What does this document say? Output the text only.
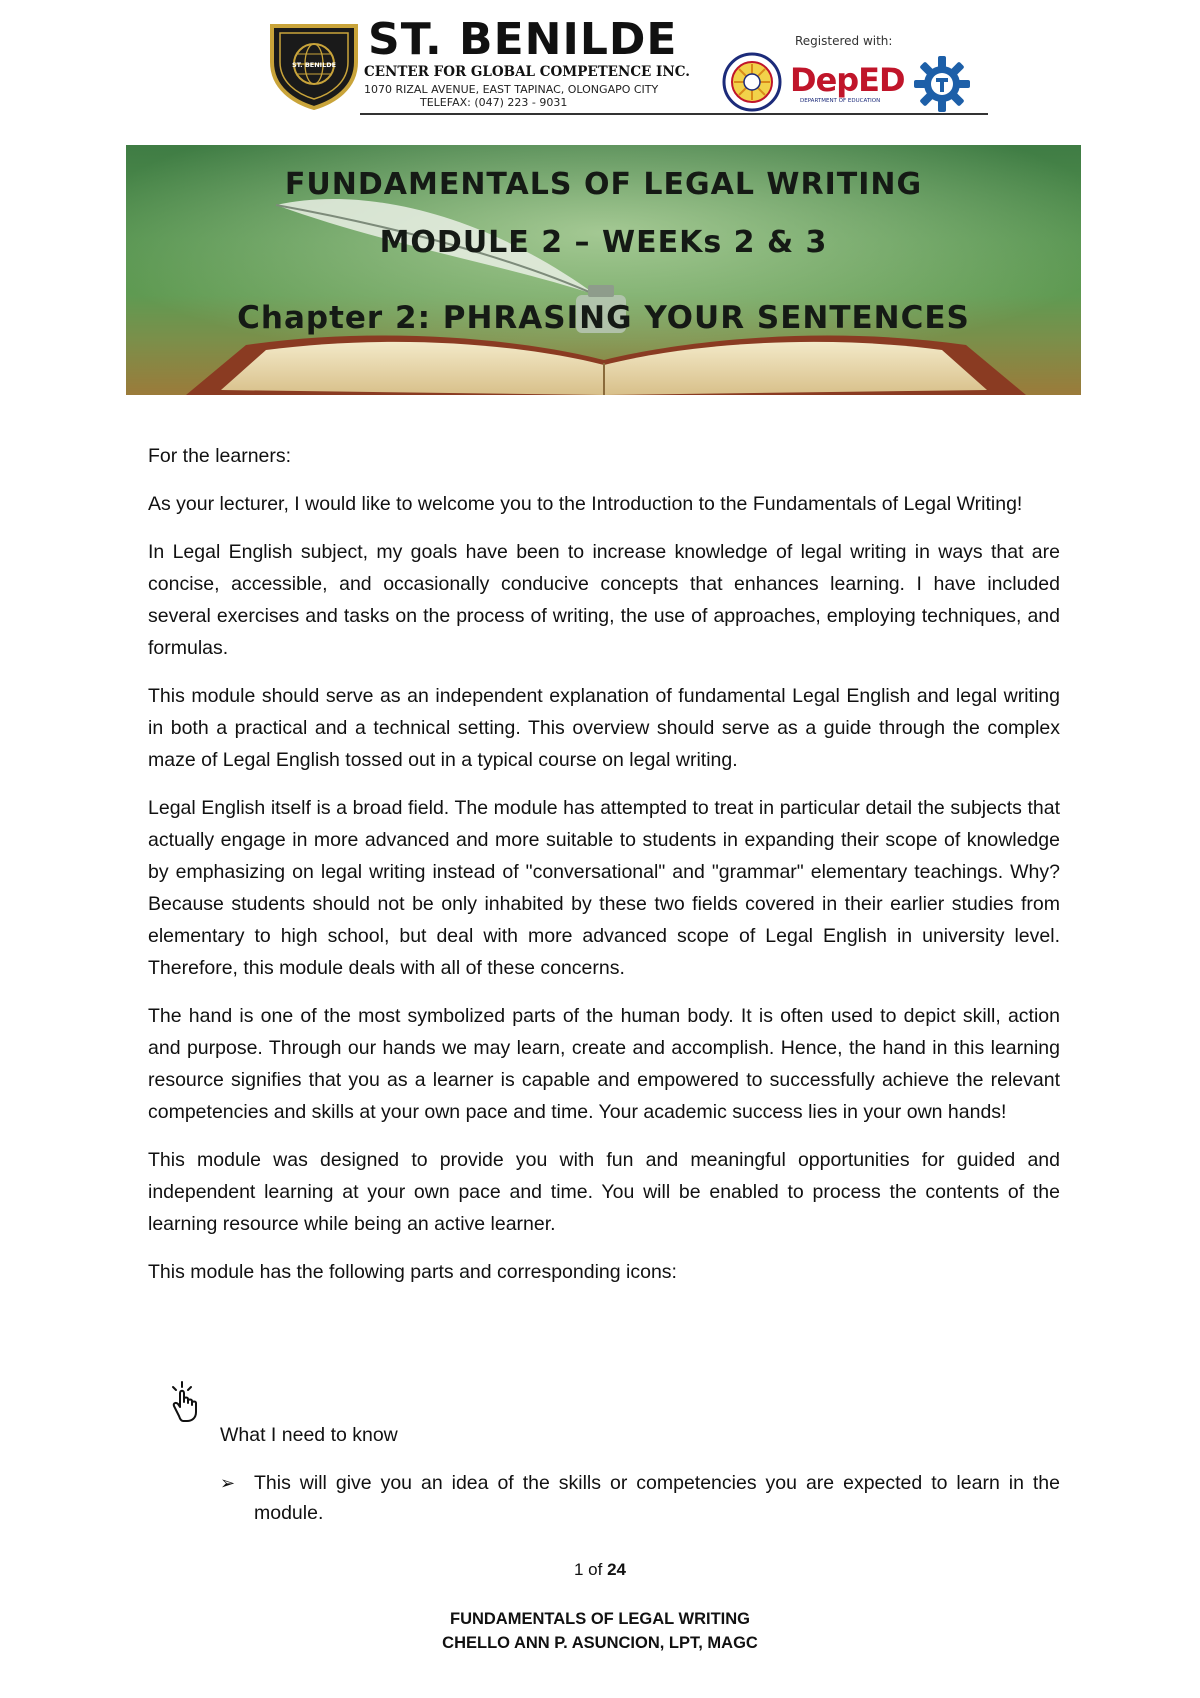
ST. BENILDE ST. BENILDE
CENTER FOR GLOBAL COMPETENCE INC.
1070 RIZAL AVENUE, EAST TAPINAC, OLONGAPO CITY
TELEFAX: (047) 223 - 9031
Registered with:
DepED
DEPARTMENT OF EDUCATION
FUNDAMENTALS OF LEGAL WRITING
MODULE 2 – WEEKs 2 & 3
Chapter 2: PHRASING YOUR SENTENCES

For the learners:

As your lecturer, I would like to welcome you to the Introduction to the Fundamentals of Legal Writing!

In Legal English subject, my goals have been to increase knowledge of legal writing in ways that are concise, accessible, and occasionally conducive concepts that enhances learning. I have included several exercises and tasks on the process of writing, the use of approaches, employing techniques, and formulas.

This module should serve as an independent explanation of fundamental Legal English and legal writing in both a practical and a technical setting. This overview should serve as a guide through the complex maze of Legal English tossed out in a typical course on legal writing.

Legal English itself is a broad field. The module has attempted to treat in particular detail the subjects that actually engage in more advanced and more suitable to students in expanding their scope of knowledge by emphasizing on legal writing instead of "conversational" and "grammar" elementary teachings. Why? Because students should not be only inhabited by these two fields covered in their earlier studies from elementary to high school, but deal with more advanced scope of Legal English in university level. Therefore, this module deals with all of these concerns.

The hand is one of the most symbolized parts of the human body. It is often used to depict skill, action and purpose. Through our hands we may learn, create and accomplish. Hence, the hand in this learning resource signifies that you as a learner is capable and empowered to successfully achieve the relevant competencies and skills at your own pace and time. Your academic success lies in your own hands!

This module was designed to provide you with fun and meaningful opportunities for guided and independent learning at your own pace and time. You will be enabled to process the contents of the learning resource while being an active learner.

This module has the following parts and corresponding icons:

What I need to know
➢ This will give you an idea of the skills or competencies you are expected to learn in the module.
1 of 24
FUNDAMENTALS OF LEGAL WRITING
CHELLO ANN P. ASUNCION, LPT, MAGC
